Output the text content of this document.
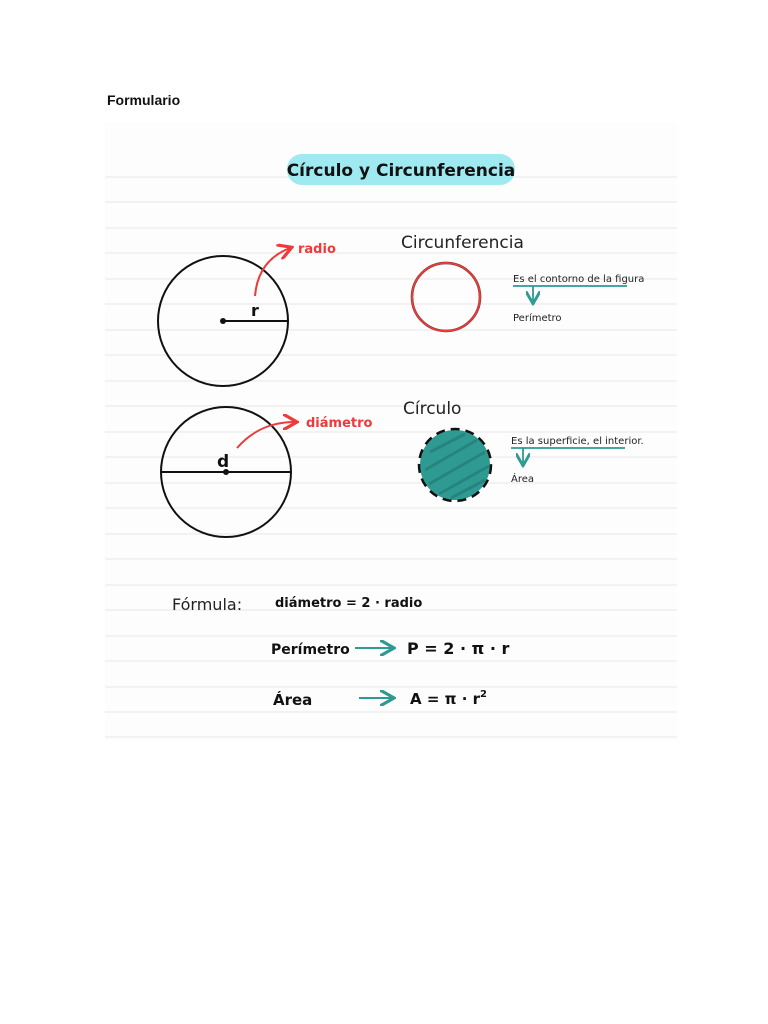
Formulario
Círculo y Circunferencia
r
radio
d
diámetro
Circunferencia
Es el contorno de la figura
Perímetro
Círculo
Es la superficie, el interior.
Área
Fórmula:	diámetro = 2 · radio
Perímetro	P = 2 · π · r
Área	$A = \pi \cdot r^2$
